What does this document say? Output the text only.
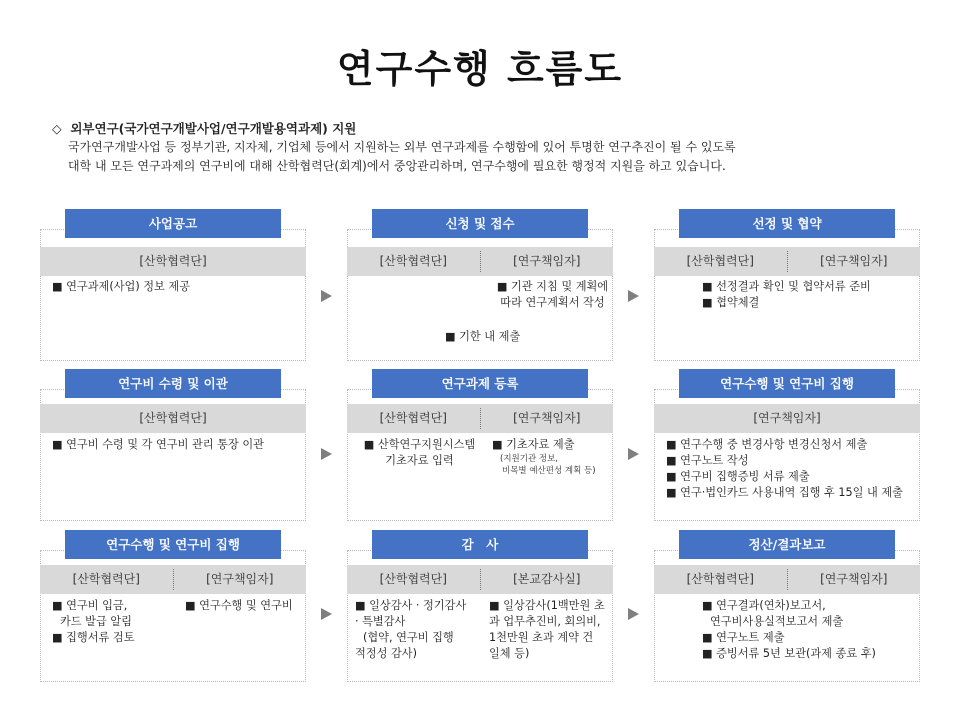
연구수행 흐름도
◇ 외부연구(국가연구개발사업/연구개발용역과제) 지원
국가연구개발사업 등 정부기관, 지자체, 기업체 등에서 지원하는 외부 연구과제를 수행함에 있어 투명한 연구추진이 될 수 있도록
대학 내 모든 연구과제의 연구비에 대해 산학협력단(회계)에서 중앙관리하며, 연구수행에 필요한 행정적 지원을 하고 있습니다.
사업공고
[산학협력단]
■ 연구과제(사업) 정보 제공
신청 및 접수
[산학협력단]	[연구책임자]
■ 기관 지침 및 계획에
따라 연구계획서 작성
■ 기한 내 제출
선정 및 협약
[산학협력단]	[연구책임자]
■ 선정결과 확인 및 협약서류 준비
■ 협약체결
연구비 수령 및 이관
[산학협력단]
■ 연구비 수령 및 각 연구비 관리 통장 이관
연구과제 등록
[산학협력단]	[연구책임자]
■ 산학연구지원시스템
기초자료 입력
■ 기초자료 제출
(지원기관 정보,
비목별 예산편성 계획 등)
연구수행 및 연구비 집행
[연구책임자]
■ 연구수행 중 변경사항 변경신청서 제출
■ 연구노트 작성
■ 연구비 집행증빙 서류 제출
■ 연구·법인카드 사용내역 집행 후 15일 내 제출
연구수행 및 연구비 집행
[산학협력단]	[연구책임자]
■ 연구비 입금,
카드 발급 알림
■ 집행서류 검토
■ 연구수행 및 연구비
감　사
[산학협력단]	[본교감사실]
■ 일상감사 · 정기감사
· 특별감사
(협약, 연구비 집행
적정성 감사)
■ 일상감사(1백만원 초
과 업무추진비, 회의비,
1천만원 초과 계약 건
일체 등)
정산/결과보고
[산학협력단]	[연구책임자]
■ 연구결과(연차)보고서,
연구비사용실적보고서 제출
■ 연구노트 제출
■ 증빙서류 5년 보관(과제 종료 후)
